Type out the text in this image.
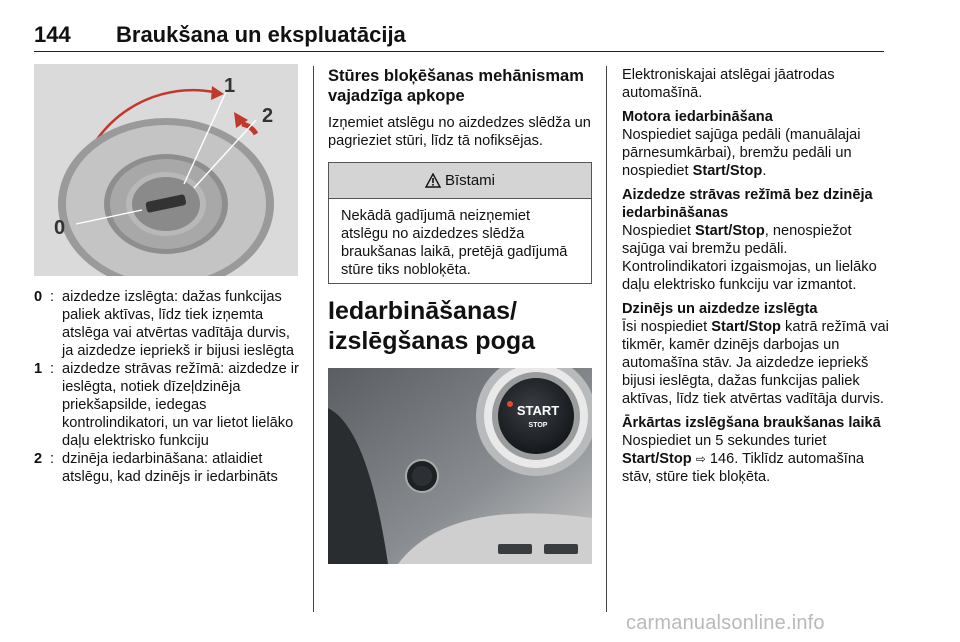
144 Braukšana un ekspluatācija
0
1
2
0 : aizdedze izslēgta: dažas funkcijas paliek aktīvas, līdz tiek izņemta atslēga vai atvērtas vadītāja durvis, ja aizdedze iepriekš ir bijusi ieslēgta
1 : aizdedze strāvas režīmā: aizdedze ir ieslēgta, notiek dīzeļdzinēja priekšapsilde, iedegas kontrolindikatori, un var lietot lielāko daļu elektrisko funkciju
2 : dzinēja iedarbināšana: atlaidiet atslēgu, kad dzinējs ir iedarbināts
Stūres bloķēšanas mehānismam vajadzīga apkope
Izņemiet atslēgu no aizdedzes slēdža un pagrieziet stūri, līdz tā nofiksējas.
Bīstami
Nekādā gadījumā neizņemiet atslēgu no aizdedzes slēdža braukšanas laikā, pretējā gadījumā stūre tiks nobloķēta.
Iedarbināšanas/ izslēgšanas poga
START
STOP
Elektroniskajai atslēgai jāatrodas automašīnā.
Motora iedarbināšana
Nospiediet sajūga pedāli (manuālajai pārnesumkārbai), bremžu pedāli un nospiediet Start/Stop.
Aizdedze strāvas režīmā bez dzinēja iedarbināšanas
Nospiediet Start/Stop, nenospiežot sajūga vai bremžu pedāli. Kontrolindikatori izgaismojas, un lielāko daļu elektrisko funkciju var izmantot.
Dzinējs un aizdedze izslēgta
Īsi nospiediet Start/Stop katrā režīmā vai tikmēr, kamēr dzinējs darbojas un automašīna stāv. Ja aizdedze iepriekš bijusi ieslēgta, dažas funkcijas paliek aktīvas, līdz tiek atvērtas vadītāja durvis.
Ārkārtas izslēgšana braukšanas laikā
Nospiediet un 5 sekundes turiet Start/Stop ⇨ 146. Tiklīdz automašīna stāv, stūre tiek bloķēta.
carmanualsonline.info
